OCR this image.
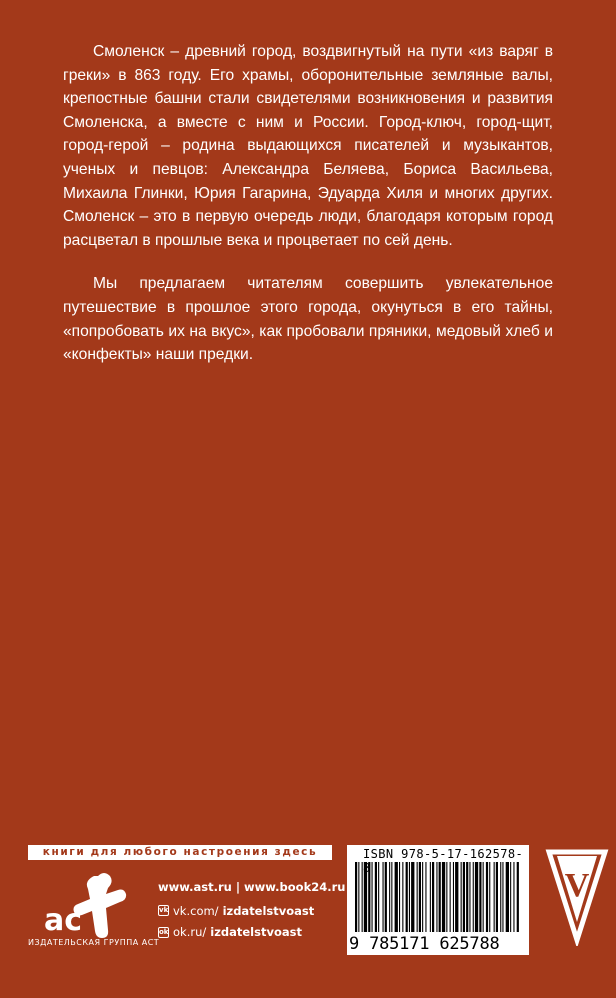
Смоленск – древний город, воздвигнутый на пути «из варяг в греки» в 863 году. Его храмы, оборонительные земляные валы, крепостные башни стали свидетелями возникновения и развития Смоленска, а вместе с ним и России. Город-ключ, город-щит, город-герой – родина выдающихся писателей и музыкантов, ученых и певцов: Александра Беляева, Бориса Васильева, Михаила Глинки, Юрия Гагарина, Эдуарда Хиля и многих других. Смоленск – это в первую очередь люди, благодаря которым город расцветал в прошлые века и процветает по сей день.

Мы предлагаем читателям совершить увлекательное путешествие в прошлое этого города, окунуться в его тайны, «попробовать их на вкус», как пробовали пряники, медовый хлеб и «конфекты» наши предки.

книги для любого настроения здесь
ас
ИЗДАТЕЛЬСКАЯ ГРУППА АСТ
www.ast.ru | www.book24.ru
vk vk.com/ izdatelstvoast
ok ok.ru/ izdatelstvoast
ISBN 978-5-17-162578-
9 785171 625788
V
